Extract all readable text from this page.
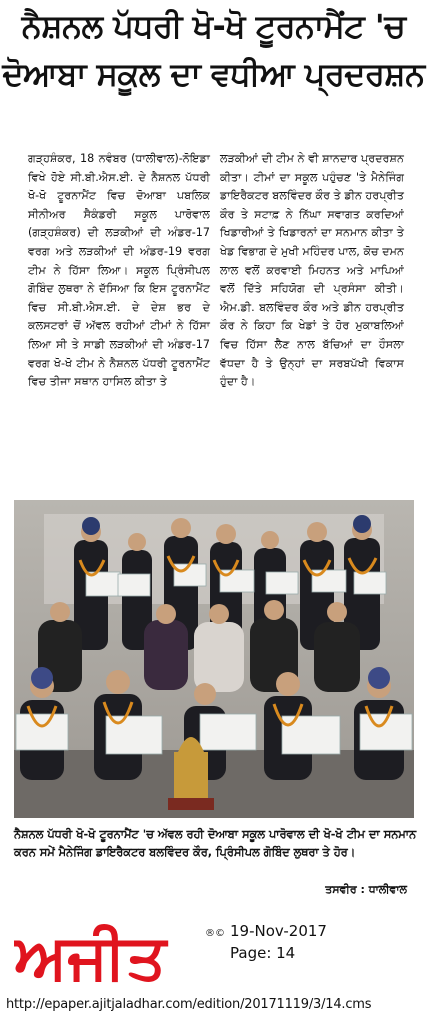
ਨੈਸ਼ਨਲ ਪੱਧਰੀ ਖੋ-ਖੋ ਟੂਰਨਾਮੈਂਟ 'ਚ
ਦੋਆਬਾ ਸਕੂਲ ਦਾ ਵਧੀਆ ਪ੍ਰਦਰਸ਼ਨ

ਗੜ੍ਹਸ਼ੰਕਰ, 18 ਨਵੰਬਰ (ਧਾਲੀਵਾਲ)-ਨੋਇਡਾ ਵਿਖੇ ਹੋਏ ਸੀ.ਬੀ.ਐਸ.ਈ. ਦੇ ਨੈਸ਼ਨਲ ਪੱਧਰੀ ਖੋ-ਖੋ ਟੂਰਨਾਮੈਂਟ ਵਿਚ ਦੋਆਬਾ ਪਬਲਿਕ ਸੀਨੀਅਰ ਸੈਕੰਡਰੀ ਸਕੂਲ ਪਾਰੋਵਾਲ (ਗੜ੍ਹਸ਼ੰਕਰ) ਦੀ ਲੜਕੀਆਂ ਦੀ ਅੰਡਰ-17 ਵਰਗ ਅਤੇ ਲੜਕੀਆਂ ਦੀ ਅੰਡਰ-19 ਵਰਗ ਟੀਮ ਨੇ ਹਿੱਸਾ ਲਿਆ। ਸਕੂਲ ਪ੍ਰਿੰਸੀਪਲ ਗੋਬਿੰਦ ਲੁਥਰਾ ਨੇ ਦੱਸਿਆ ਕਿ ਇਸ ਟੂਰਨਾਮੈਂਟ ਵਿਚ ਸੀ.ਬੀ.ਐਸ.ਈ. ਦੇ ਦੇਸ਼ ਭਰ ਦੇ ਕਲਸਟਰਾਂ ਚੋਂ ਅੱਵਲ ਰਹੀਆਂ ਟੀਮਾਂ ਨੇ ਹਿੱਸਾ ਲਿਆ ਸੀ ਤੇ ਸਾਡੀ ਲੜਕੀਆਂ ਦੀ ਅੰਡਰ-17 ਵਰਗ ਖੋ-ਖੋ ਟੀਮ ਨੇ ਨੈਸ਼ਨਲ ਪੱਧਰੀ ਟੂਰਨਾਮੈਂਟ ਵਿਚ ਤੀਜਾ ਸਥਾਨ ਹਾਸਿਲ ਕੀਤਾ ਤੇ

ਲੜਕੀਆਂ ਦੀ ਟੀਮ ਨੇ ਵੀ ਸ਼ਾਨਦਾਰ ਪ੍ਰਦਰਸ਼ਨ ਕੀਤਾ। ਟੀਮਾਂ ਦਾ ਸਕੂਲ ਪਹੁੰਚਣ 'ਤੇ ਮੈਨੇਜਿੰਗ ਡਾਇਰੈਕਟਰ ਬਲਵਿੰਦਰ ਕੌਰ ਤੇ ਡੀਨ ਹਰਪ੍ਰੀਤ ਕੌਰ ਤੇ ਸਟਾਫ਼ ਨੇ ਨਿੱਘਾ ਸਵਾਗਤ ਕਰਦਿਆਂ ਖਿਡਾਰੀਆਂ ਤੇ ਖਿਡਾਰਨਾਂ ਦਾ ਸਨਮਾਨ ਕੀਤਾ ਤੇ ਖੇਡ ਵਿਭਾਗ ਦੇ ਮੁਖੀ ਮਹਿੰਦਰ ਪਾਲ, ਕੋਚ ਦਮਨ ਲਾਲ ਵਲੋਂ ਕਰਵਾਈ ਮਿਹਨਤ ਅਤੇ ਮਾਪਿਆਂ ਵਲੋਂ ਦਿੱਤੇ ਸਹਿਯੋਗ ਦੀ ਪ੍ਰਸੰਸਾ ਕੀਤੀ। ਐਮ.ਡੀ. ਬਲਵਿੰਦਰ ਕੌਰ ਅਤੇ ਡੀਨ ਹਰਪ੍ਰੀਤ ਕੌਰ ਨੇ ਕਿਹਾ ਕਿ ਖੇਡਾਂ ਤੇ ਹੋਰ ਮੁਕਾਬਲਿਆਂ ਵਿਚ ਹਿੱਸਾ ਲੈਣ ਨਾਲ ਬੱਚਿਆਂ ਦਾ ਹੌਸਲਾ ਵੱਧਦਾ ਹੈ ਤੇ ਉਨ੍ਹਾਂ ਦਾ ਸਰਬਪੱਖੀ ਵਿਕਾਸ ਹੁੰਦਾ ਹੈ।

ਨੈਸ਼ਨਲ ਪੱਧਰੀ ਖੋ-ਖੋ ਟੂਰਨਾਮੈਂਟ 'ਚ ਅੱਵਲ ਰਹੀ ਦੋਆਬਾ ਸਕੂਲ ਪਾਰੋਵਾਲ ਦੀ ਖੋ-ਖੋ ਟੀਮ ਦਾ ਸਨਮਾਨ ਕਰਨ ਸਮੇਂ ਮੈਨੇਜਿੰਗ ਡਾਇਰੈਕਟਰ ਬਲਵਿੰਦਰ ਕੌਰ, ਪ੍ਰਿੰਸੀਪਲ ਗੋਬਿੰਦ ਲੁਥਰਾ ਤੇ ਹੋਰ।
ਤਸਵੀਰ : ਧਾਲੀਵਾਲ
ਅਜੀਤ	®© 19-Nov-2017
Page: 14
http://epaper.ajitjaladhar.com/edition/20171119/3/14.cms
